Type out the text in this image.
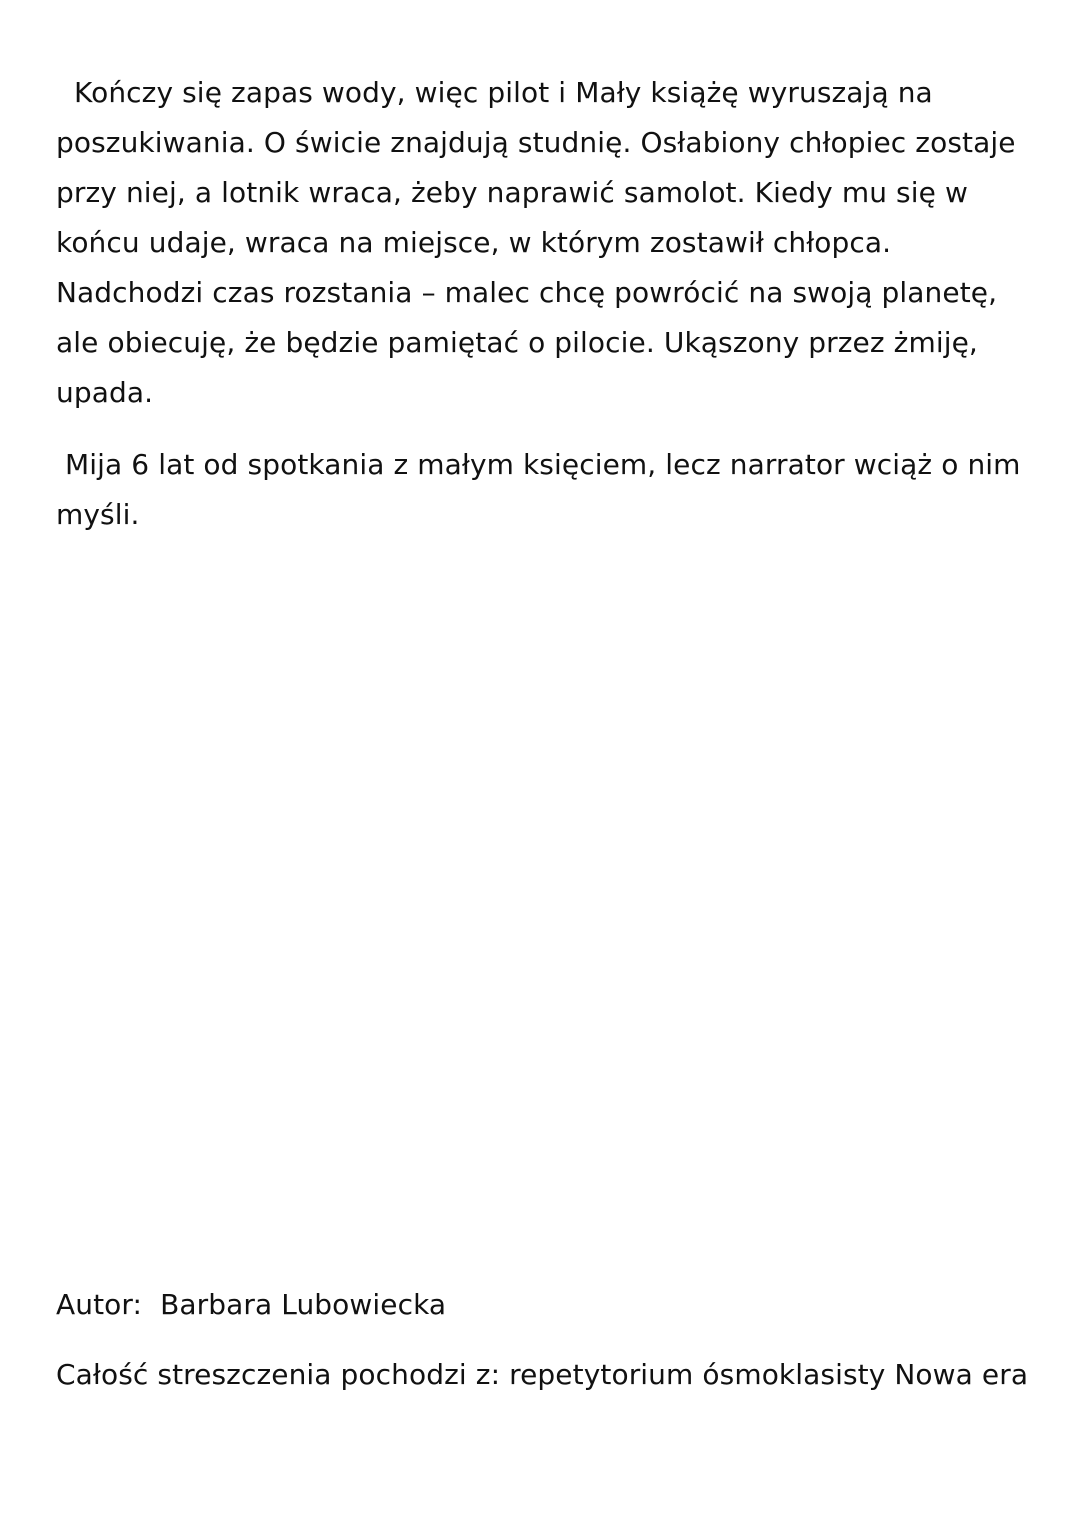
Kończy się zapas wody, więc pilot i Mały książę wyruszają na poszukiwania. O świcie znajdują studnię. Osłabiony chłopiec zostaje przy niej, a lotnik wraca, żeby naprawić samolot. Kiedy mu się w końcu udaje, wraca na miejsce, w którym zostawił chłopca. Nadchodzi czas rozstania – malec chcę powrócić na swoją planetę, ale obiecuję, że będzie pamiętać o pilocie. Ukąszony przez żmiję, upada.

Mija 6 lat od spotkania z małym księciem, lecz narrator wciąż o nim myśli.

Autor:  Barbara Lubowiecka

Całość streszczenia pochodzi z: repetytorium ósmoklasisty Nowa era
